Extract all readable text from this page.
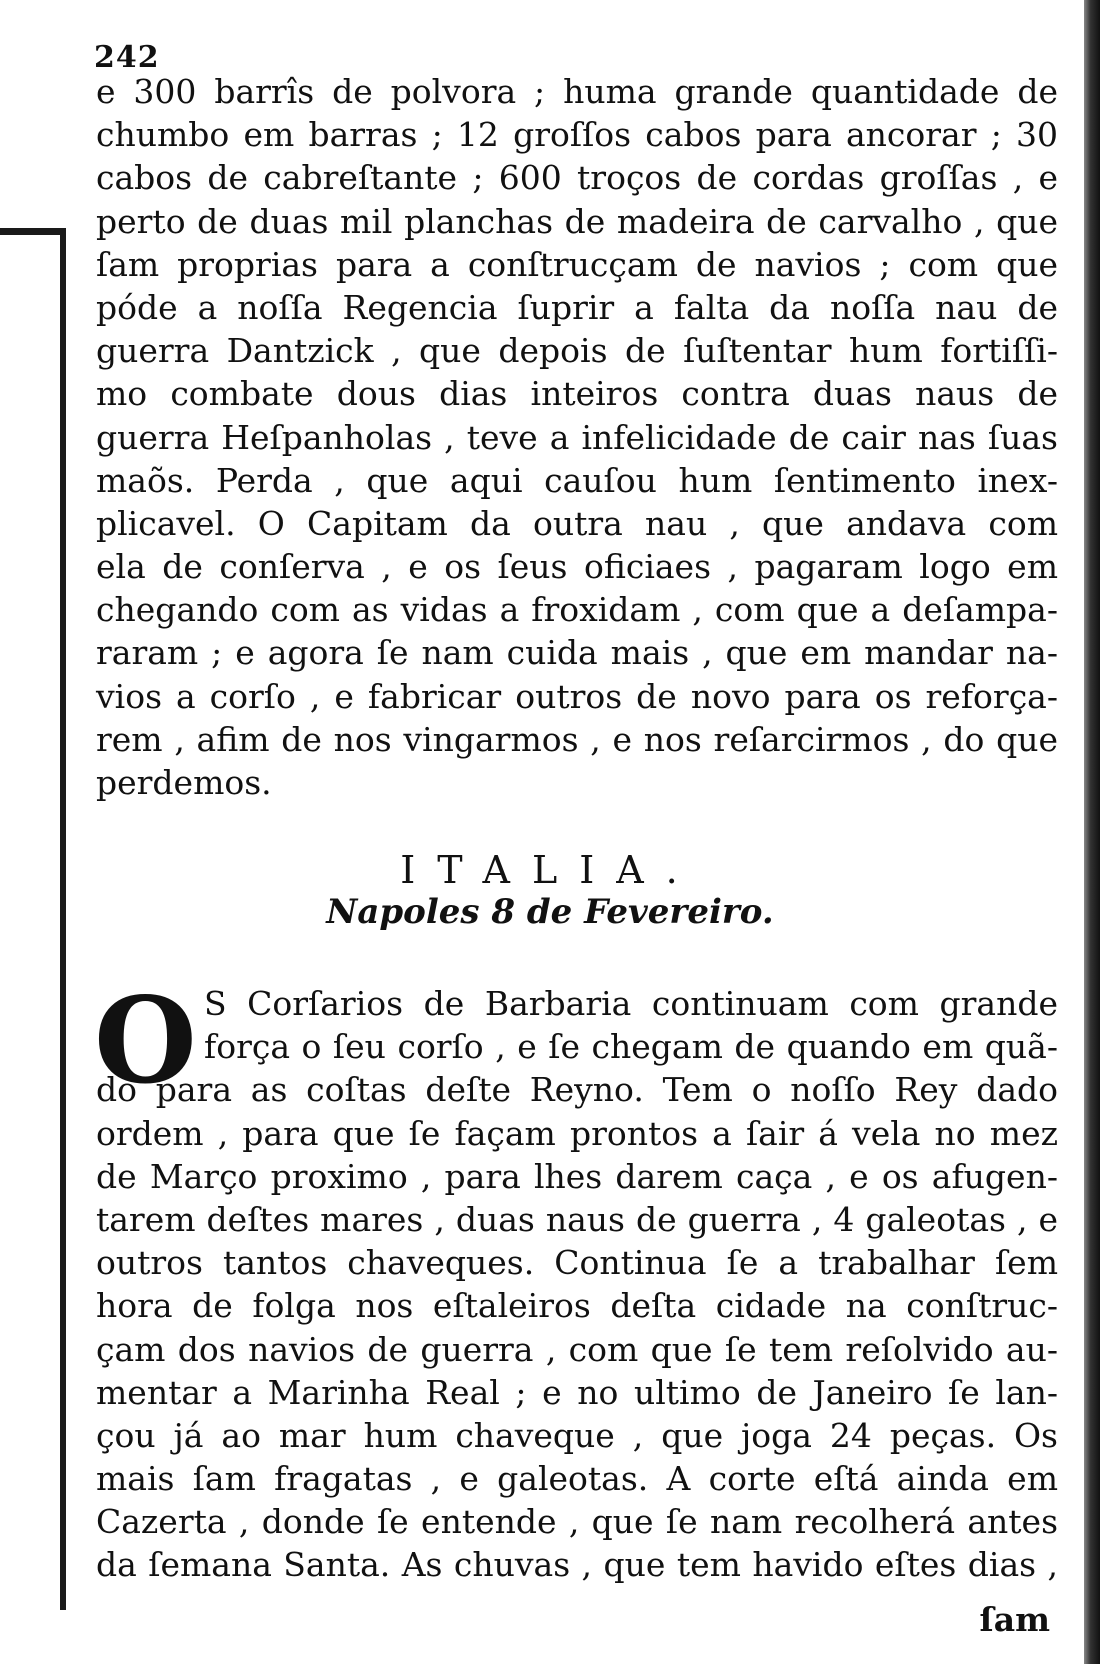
242
e 300 barrîs de polvora ; huma grande quantidade de
chumbo em barras ; 12 groſſos cabos para ancorar ; 30
cabos de cabreſtante ; 600 troços de cordas groſſas , e
perto de duas mil planchas de madeira de carvalho , que
ſam proprias para a conſtrucçam de navios ; com que
póde a noſſa Regencia ſuprir a falta da noſſa nau de
guerra Dantzick , que depois de ſuſtentar hum fortiſſi-
mo combate dous dias inteiros contra duas naus de
guerra Heſpanholas , teve a infelicidade de cair nas ſuas
maõs. Perda , que aqui cauſou hum ſentimento inex-
plicavel. O Capitam da outra nau , que andava com
ela de conſerva , e os ſeus oficiaes , pagaram logo em
chegando com as vidas a froxidam , com que a deſampa-
raram ; e agora ſe nam cuida mais , que em mandar na-
vios a corſo , e fabricar outros de novo para os reforça-
rem , afim de nos vingarmos , e nos reſarcirmos , do que
perdemos.
ITALIA.
Napoles 8 de Fevereiro.
O S Corſarios de Barbaria continuam com grande
força o ſeu corſo , e ſe chegam de quando em quã-
do para as coſtas deſte Reyno. Tem o noſſo Rey dado
ordem , para que ſe façam prontos a ſair á vela no mez
de Março proximo , para lhes darem caça , e os afugen-
tarem deſtes mares , duas naus de guerra , 4 galeotas , e
outros tantos chaveques. Continua ſe a trabalhar ſem
hora de folga nos eſtaleiros deſta cidade na conſtruc-
çam dos navios de guerra , com que ſe tem reſolvido au-
mentar a Marinha Real ; e no ultimo de Janeiro ſe lan-
çou já ao mar hum chaveque , que joga 24 peças. Os
mais ſam fragatas , e galeotas. A corte eſtá ainda em
Cazerta , donde ſe entende , que ſe nam recolherá antes
da ſemana Santa. As chuvas , que tem havido eſtes dias ,
ſam
